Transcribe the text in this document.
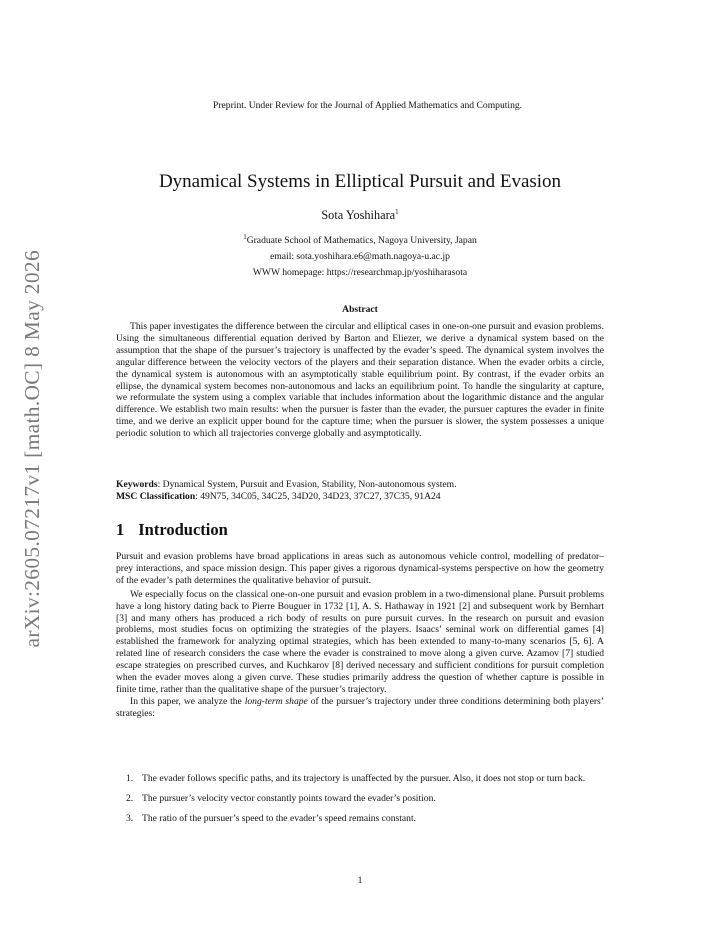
arXiv:2605.07217v1 [math.OC] 8 May 2026
Preprint. Under Review for the Journal of Applied Mathematics and Computing.
Dynamical Systems in Elliptical Pursuit and Evasion
Sota Yoshihara$^1$
$^1$Graduate School of Mathematics, Nagoya University, Japan
email: sota.yoshihara.e6@math.nagoya-u.ac.jp
WWW homepage: https://researchmap.jp/yoshiharasota
Abstract

This paper investigates the difference between the circular and elliptical cases in one-on-one pursuit and evasion problems. Using the simultaneous differential equation derived by Barton and Eliezer, we derive a dynamical system based on the assumption that the shape of the pursuer’s trajectory is unaffected by the evader’s speed. The dynamical system involves the angular difference between the velocity vectors of the players and their separation distance. When the evader orbits a circle, the dynamical system is autonomous with an asymptotically stable equilibrium point. By contrast, if the evader orbits an ellipse, the dynamical system becomes non-autonomous and lacks an equilibrium point. To handle the singularity at capture, we reformulate the system using a complex variable that includes information about the logarithmic distance and the angular difference. We establish two main results: when the pursuer is faster than the evader, the pursuer captures the evader in finite time, and we derive an explicit upper bound for the capture time; when the pursuer is slower, the system possesses a unique periodic solution to which all trajectories converge globally and asymptotically.

Keywords: Dynamical System, Pursuit and Evasion, Stability, Non-autonomous system.
MSC Classification: 49N75, 34C05, 34C25, 34D20, 34D23, 37C27, 37C35, 91A24
1 Introduction

Pursuit and evasion problems have broad applications in areas such as autonomous vehicle control, modelling of predator–prey interactions, and space mission design. This paper gives a rigorous dynamical-systems perspective on how the geometry of the evader’s path determines the qualitative behavior of pursuit.

We especially focus on the classical one-on-one pursuit and evasion problem in a two-dimensional plane. Pursuit problems have a long history dating back to Pierre Bouguer in 1732 [1], A. S. Hathaway in 1921 [2] and subsequent work by Bernhart [3] and many others has produced a rich body of results on pure pursuit curves. In the research on pursuit and evasion problems, most studies focus on optimizing the strategies of the players. Isaacs’ seminal work on differential games [4] established the framework for analyzing optimal strategies, which has been extended to many-to-many scenarios [5, 6]. A related line of research considers the case where the evader is constrained to move along a given curve. Azamov [7] studied escape strategies on prescribed curves, and Kuchkarov [8] derived necessary and sufficient conditions for pursuit completion when the evader moves along a given curve. These studies primarily address the question of whether capture is possible in finite time, rather than the qualitative shape of the pursuer’s trajectory.

In this paper, we analyze the long-term shape of the pursuer’s trajectory under three conditions determining both players’ strategies:

1. The evader follows specific paths, and its trajectory is unaffected by the pursuer. Also, it does not stop or turn back.
2. The pursuer’s velocity vector constantly points toward the evader’s position.
3. The ratio of the pursuer’s speed to the evader’s speed remains constant.
1
